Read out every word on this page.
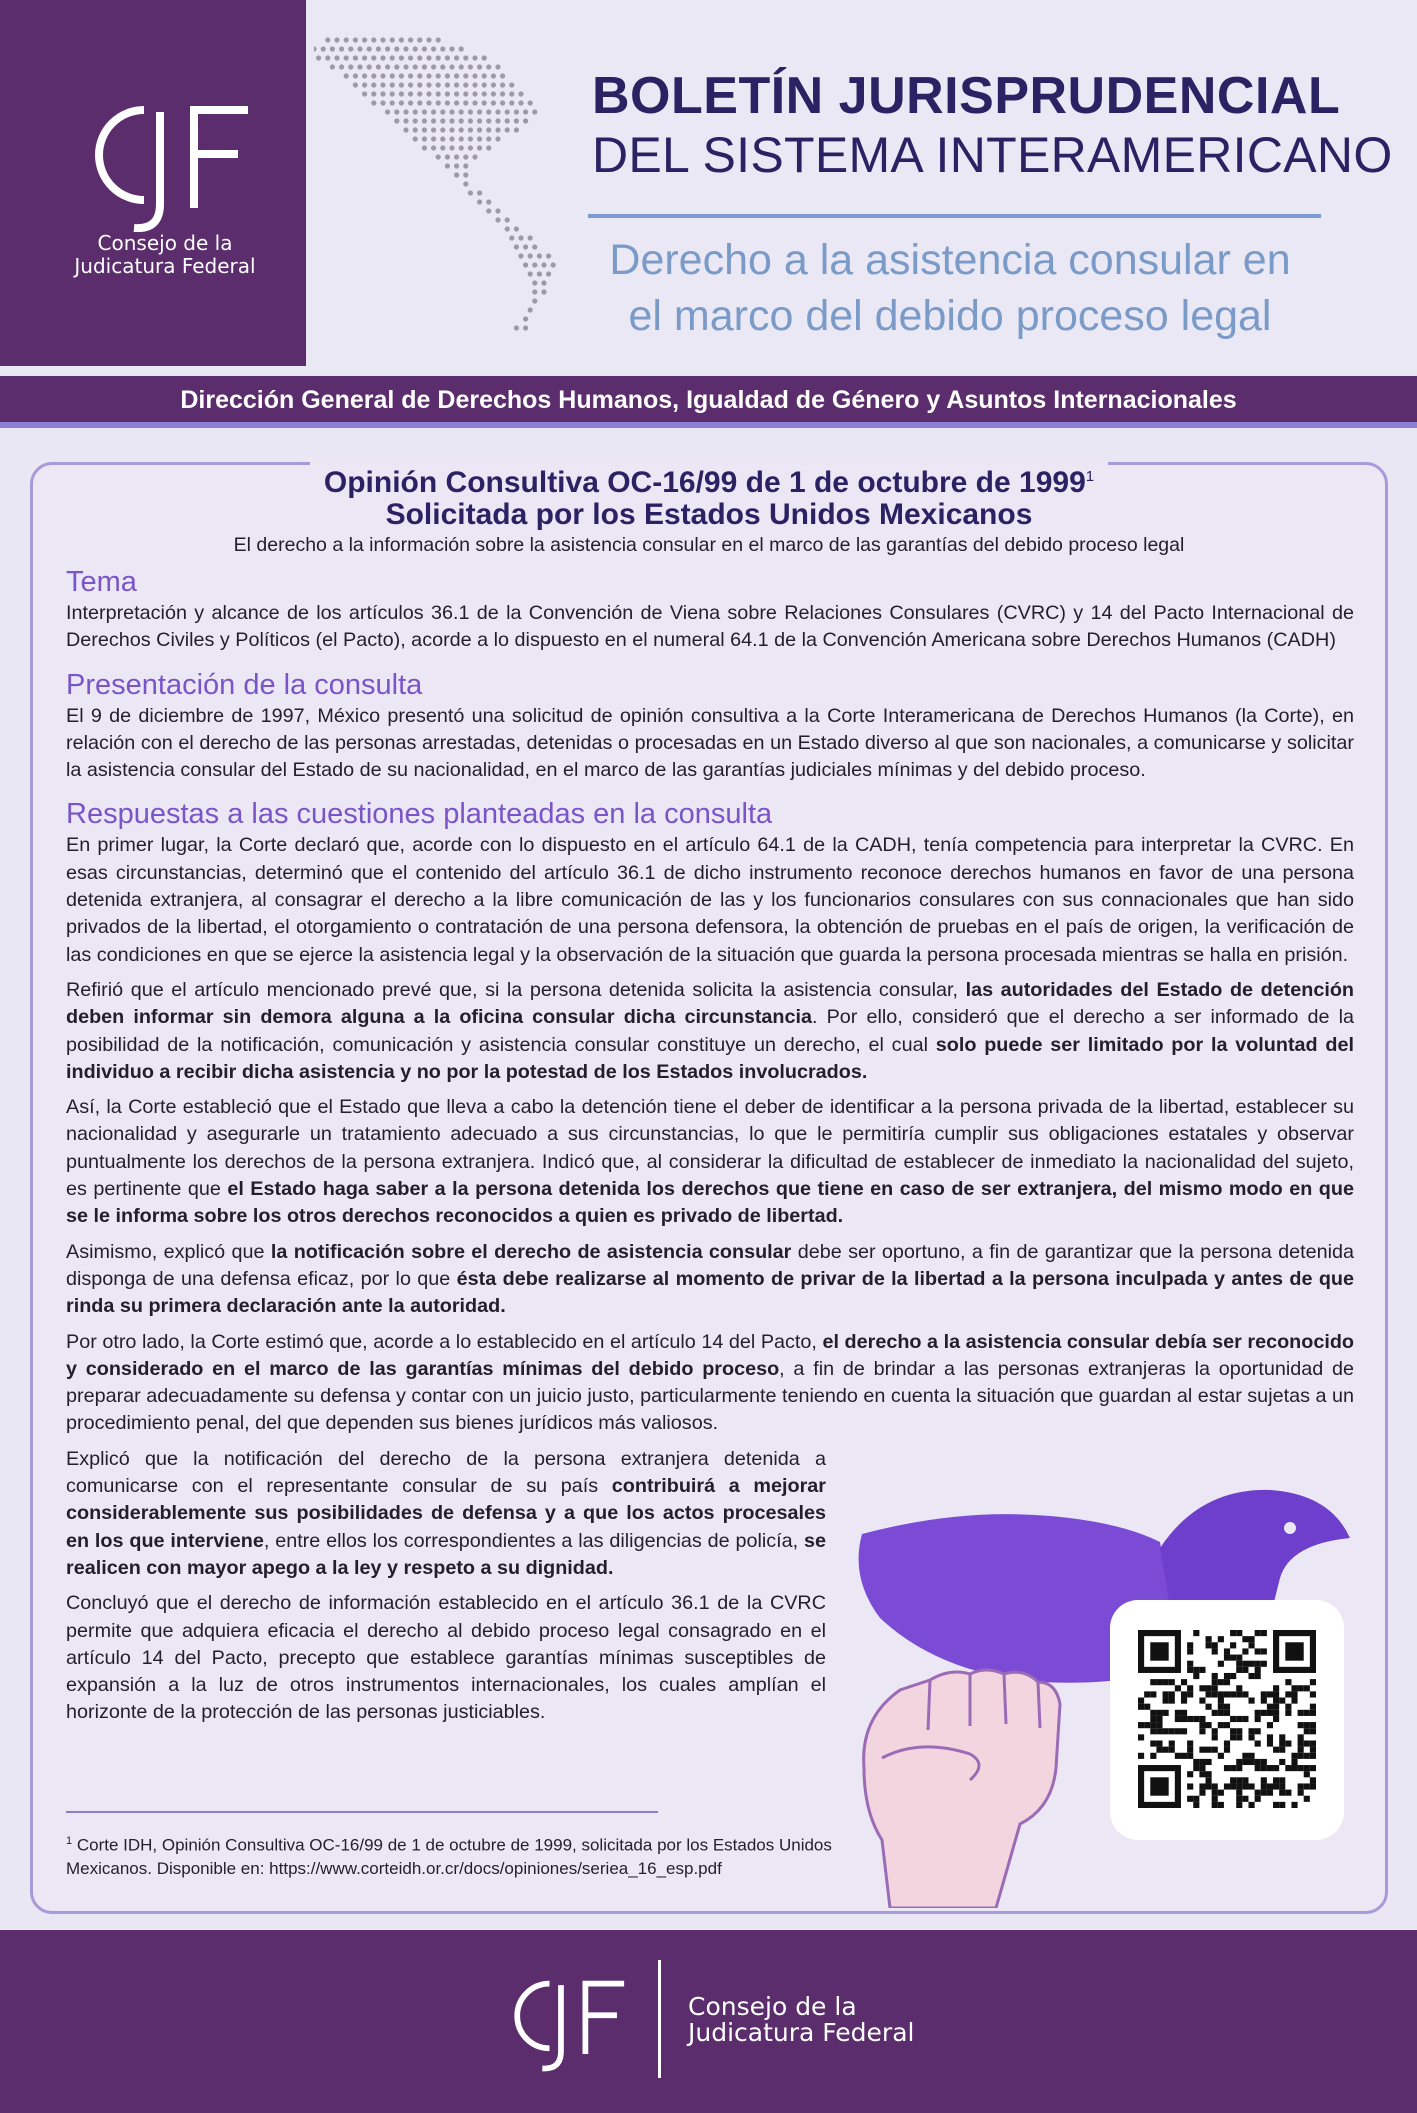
Consejo de la
Judicatura Federal
BOLETÍN JURISPRUDENCIAL
DEL SISTEMA INTERAMERICANO
Derecho a la asistencia consular en
el marco del debido proceso legal
Dirección General de Derechos Humanos, Igualdad de Género y Asuntos Internacionales
Opinión Consultiva OC-16/99 de 1 de octubre de 1999$^1$
Solicitada por los Estados Unidos Mexicanos
El derecho a la información sobre la asistencia consular en el marco de las garantías del debido proceso legal
Tema

Interpretación y alcance de los artículos 36.1 de la Convención de Viena sobre Relaciones Consulares (CVRC) y 14 del Pacto Internacional de Derechos Civiles y Políticos (el Pacto), acorde a lo dispuesto en el numeral 64.1 de la Convención Americana sobre Derechos Humanos (CADH)

Presentación de la consulta

El 9 de diciembre de 1997, México presentó una solicitud de opinión consultiva a la Corte Interamericana de Derechos Humanos (la Corte), en relación con el derecho de las personas arrestadas, detenidas o procesadas en un Estado diverso al que son nacionales, a comunicarse y solicitar la asistencia consular del Estado de su nacionalidad, en el marco de las garantías judiciales mínimas y del debido proceso.

Respuestas a las cuestiones planteadas en la consulta

En primer lugar, la Corte declaró que, acorde con lo dispuesto en el artículo 64.1 de la CADH, tenía competencia para interpretar la CVRC. En esas circunstancias, determinó que el contenido del artículo 36.1 de dicho instrumento reconoce derechos humanos en favor de una persona detenida extranjera, al consagrar el derecho a la libre comunicación de las y los funcionarios consulares con sus connacionales que han sido privados de la libertad, el otorgamiento o contratación de una persona defensora, la obtención de pruebas en el país de origen, la verificación de las condiciones en que se ejerce la asistencia legal y la observación de la situación que guarda la persona procesada mientras se halla en prisión.

Refirió que el artículo mencionado prevé que, si la persona detenida solicita la asistencia consular, las autoridades del Estado de detención deben informar sin demora alguna a la oficina consular dicha circunstancia. Por ello, consideró que el derecho a ser informado de la posibilidad de la notificación, comunicación y asistencia consular constituye un derecho, el cual solo puede ser limitado por la voluntad del individuo a recibir dicha asistencia y no por la potestad de los Estados involucrados.

Así, la Corte estableció que el Estado que lleva a cabo la detención tiene el deber de identificar a la persona privada de la libertad, establecer su nacionalidad y asegurarle un tratamiento adecuado a sus circunstancias, lo que le permitiría cumplir sus obligaciones estatales y observar puntualmente los derechos de la persona extranjera. Indicó que, al considerar la dificultad de establecer de inmediato la nacionalidad del sujeto, es pertinente que el Estado haga saber a la persona detenida los derechos que tiene en caso de ser extranjera, del mismo modo en que se le informa sobre los otros derechos reconocidos a quien es privado de libertad.

Asimismo, explicó que la notificación sobre el derecho de asistencia consular debe ser oportuno, a fin de garantizar que la persona detenida disponga de una defensa eficaz, por lo que ésta debe realizarse al momento de privar de la libertad a la persona inculpada y antes de que rinda su primera declaración ante la autoridad.

Por otro lado, la Corte estimó que, acorde a lo establecido en el artículo 14 del Pacto, el derecho a la asistencia consular debía ser reconocido y considerado en el marco de las garantías mínimas del debido proceso, a fin de brindar a las personas extranjeras la oportunidad de preparar adecuadamente su defensa y contar con un juicio justo, particularmente teniendo en cuenta la situación que guardan al estar sujetas a un procedimiento penal, del que dependen sus bienes jurídicos más valiosos.

Explicó que la notificación del derecho de la persona extranjera detenida a comunicarse con el representante consular de su país contribuirá a mejorar considerablemente sus posibilidades de defensa y a que los actos procesales en los que interviene, entre ellos los correspondientes a las diligencias de policía, se realicen con mayor apego a la ley y respeto a su dignidad.

Concluyó que el derecho de información establecido en el artículo 36.1 de la CVRC permite que adquiera eficacia el derecho al debido proceso legal consagrado en el artículo 14 del Pacto, precepto que establece garantías mínimas susceptibles de expansión a la luz de otros instrumentos internacionales, los cuales amplían el horizonte de la protección de las personas justiciables.

$^1$ Corte IDH, Opinión Consultiva OC-16/99 de 1 de octubre de 1999, solicitada por los Estados Unidos Mexicanos. Disponible en: https://www.corteidh.or.cr/docs/opiniones/seriea_16_esp.pdf
Consejo de la
Judicatura Federal
